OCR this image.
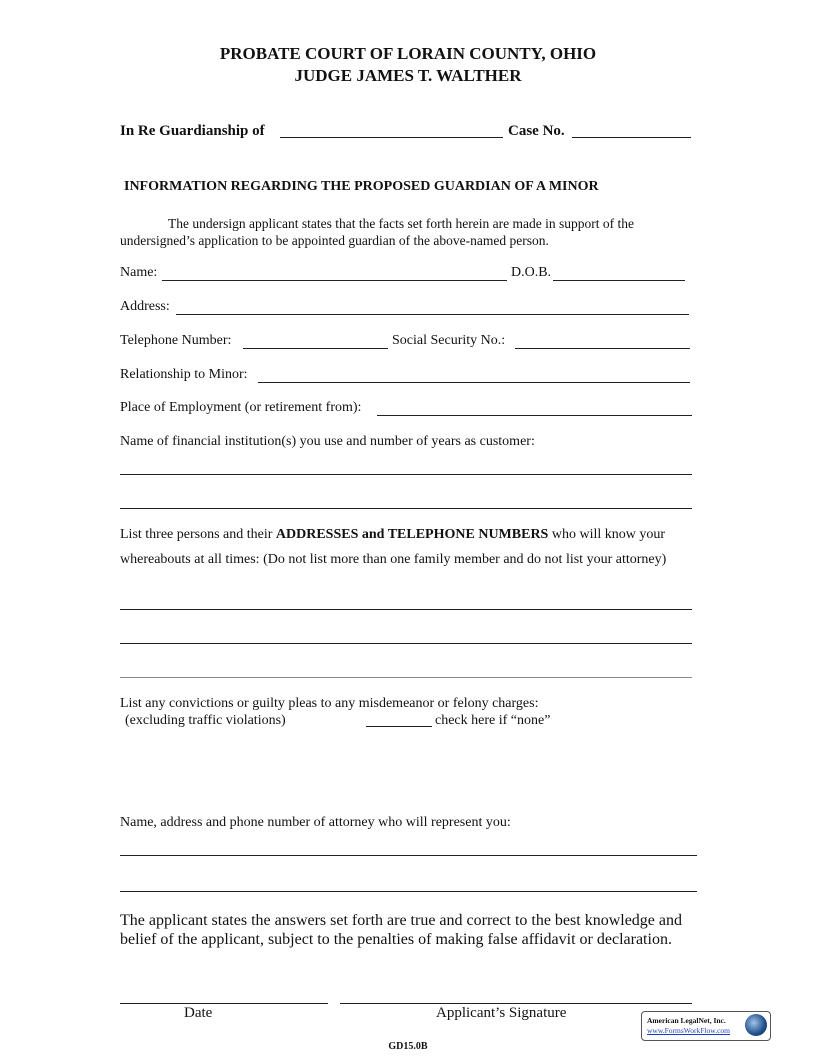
PROBATE COURT OF LORAIN COUNTY, OHIO
JUDGE JAMES T. WALTHER
In Re Guardianship of	Case No.
INFORMATION REGARDING THE PROPOSED GUARDIAN OF A MINOR
The undersign applicant states that the facts set forth herein are made in support of the

undersigned’s application to be appointed guardian of the above-named person.
Name:	D.O.B.
Address:
Telephone Number:	Social Security No.:
Relationship to Minor:
Place of Employment (or retirement from):
Name of financial institution(s) you use and number of years as customer:
List three persons and their ADDRESSES and TELEPHONE NUMBERS who will know your
whereabouts at all times: (Do not list more than one family member and do not list your attorney)
List any convictions or guilty pleas to any misdemeanor or felony charges:
(excluding traffic violations)	check here if “none”
Name, address and phone number of attorney who will represent you:
The applicant states the answers set forth are true and correct to the best knowledge and
belief of the applicant, subject to the penalties of making false affidavit or declaration.
Date	Applicant’s Signature
GD15.0B
American LegalNet, Inc.
www.FormsWorkFlow.com
